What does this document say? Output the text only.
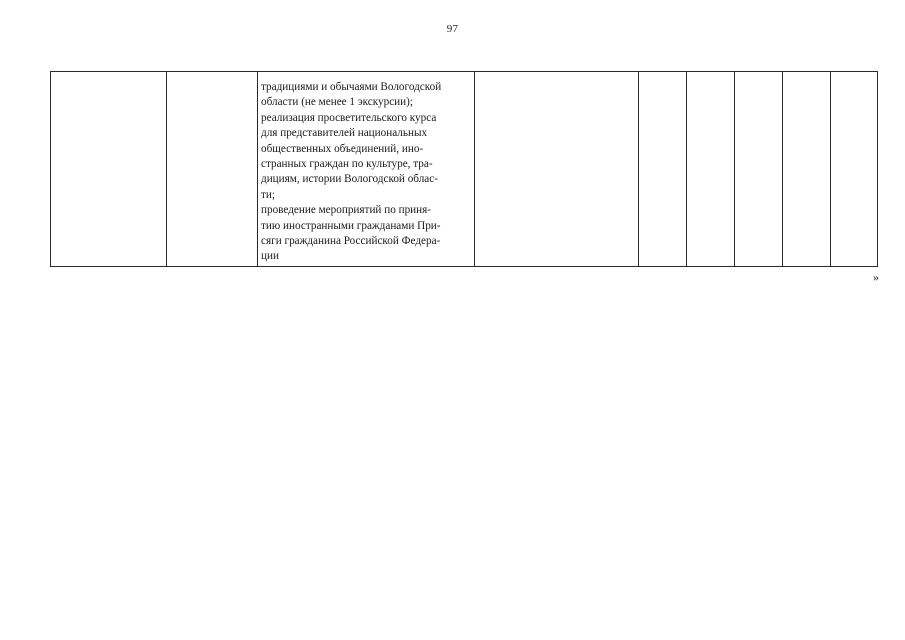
97

традициями и обычаями Вологодской
области (не менее 1 экскурсии);
реализация просветительского курса
для представителей национальных
общественных объединений, ино-
странных граждан по культуре, тра-
дициям, истории Вологодской облас-
ти;
проведение мероприятий по приня-
тию иностранными гражданами При-
сяги гражданина Российской Федера-
ции

»
